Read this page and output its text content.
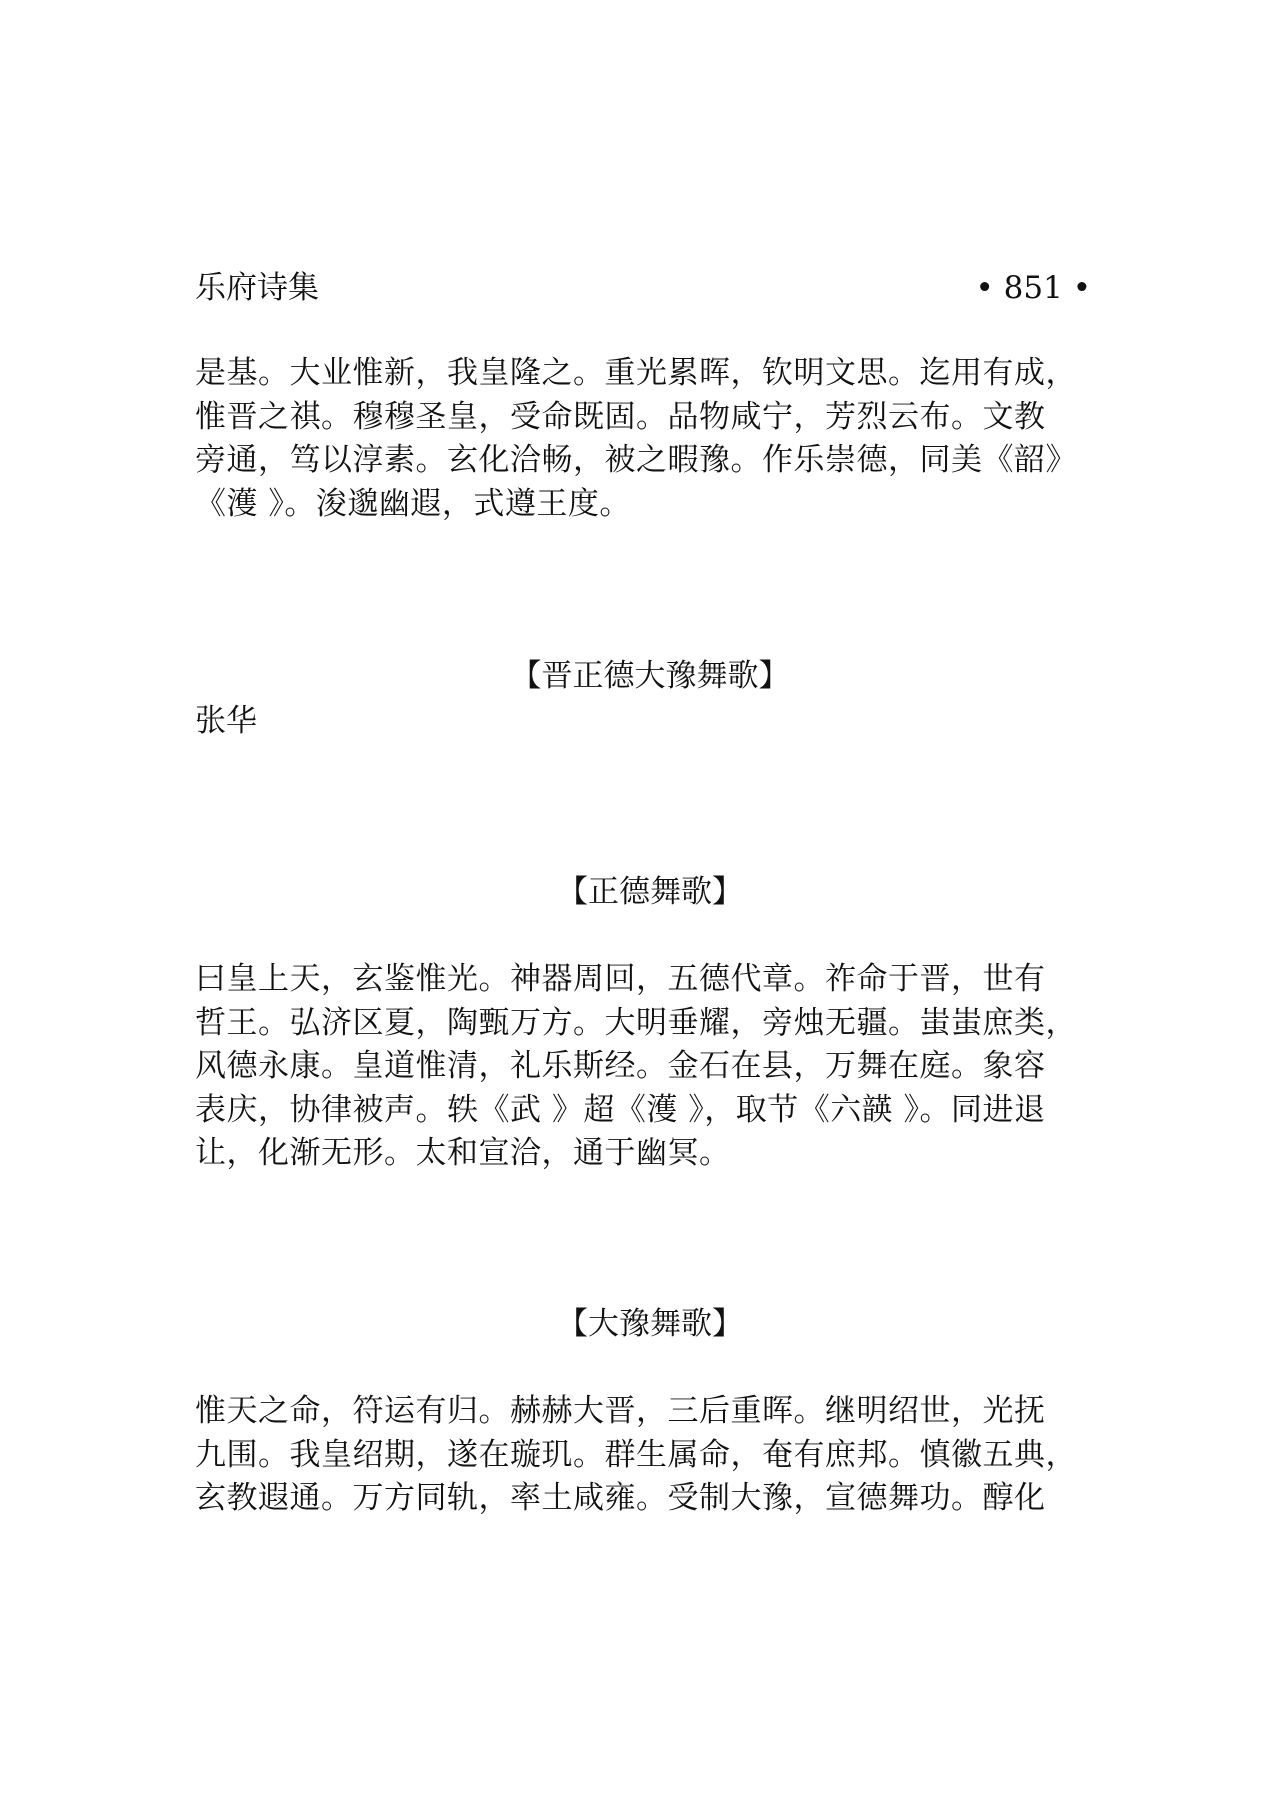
乐府诗集	• 851 •
是基。大业惟新，我皇隆之。重光累晖，钦明文思。迄用有成，
惟晋之祺。穆穆圣皇，受命既固。品物咸宁，芳烈云布。文教
旁通，笃以淳素。玄化洽畅，被之暇豫。作乐崇德，同美《韶》
《濩 》。浚邈幽遐，式遵王度。
【晋正德大豫舞歌】
张华
【正德舞歌】
曰皇上天，玄鉴惟光。神器周回，五德代章。祚命于晋，世有
哲王。弘济区夏，陶甄万方。大明垂耀，旁烛无疆。蚩蚩庶类，
风德永康。皇道惟清，礼乐斯经。金石在县，万舞在庭。象容
表庆，协律被声。轶《武 》超《濩 》，取节《六韺 》。同进退
让，化渐无形。太和宣洽，通于幽冥。
【大豫舞歌】
惟天之命，符运有归。赫赫大晋，三后重晖。继明绍世，光抚
九围。我皇绍期，遂在璇玑。群生属命，奄有庶邦。慎徽五典，
玄教遐通。万方同轨，率土咸雍。受制大豫，宣德舞功。醇化
